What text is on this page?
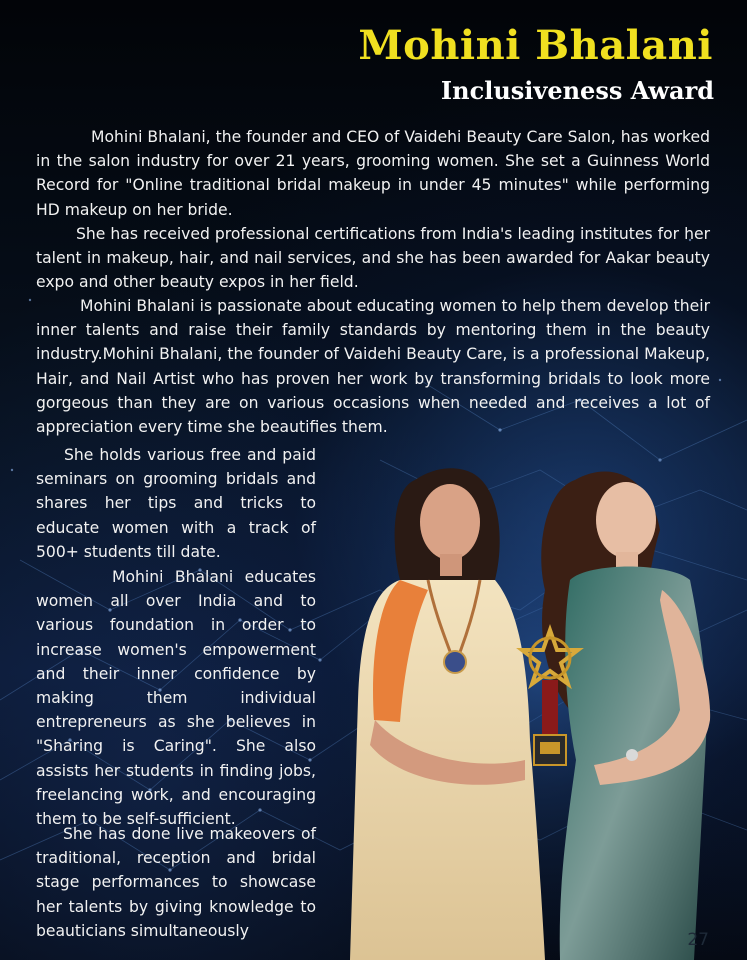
Mohini Bhalani
Inclusiveness Award

Mohini Bhalani, the founder and CEO of Vaidehi Beauty Care Salon, has worked in the salon industry for over 21 years, grooming women. She set a Guinness World Record for "Online traditional bridal makeup in under 45 minutes" while performing HD makeup on her bride.

She has received professional certifications from India's leading institutes for her talent in makeup, hair, and nail services, and she has been awarded for Aakar beauty expo and other beauty expos in her field.

Mohini Bhalani is passionate about educating women to help them develop their inner talents and raise their family standards by mentoring them in the beauty industry.Mohini Bhalani, the founder of Vaidehi Beauty Care, is a professional Makeup, Hair, and Nail Artist who has proven her work by transforming bridals to look more gorgeous than they are on various occasions when needed and receives a lot of appreciation every time she beautifies them.

She holds various free and paid seminars on grooming bridals and shares her tips and tricks to educate women with a track of 500+ students till date.

Mohini Bhalani educates women all over India and to various foundation in order to increase women's empowerment and their inner confidence by making them individual entrepreneurs as she believes in "Sharing is Caring". She also assists her students in finding jobs, freelancing work, and encouraging them to be self-sufficient.

She has done live makeovers of traditional, reception and bridal stage performances to showcase her talents by giving knowledge to beauticians simultaneously	27
